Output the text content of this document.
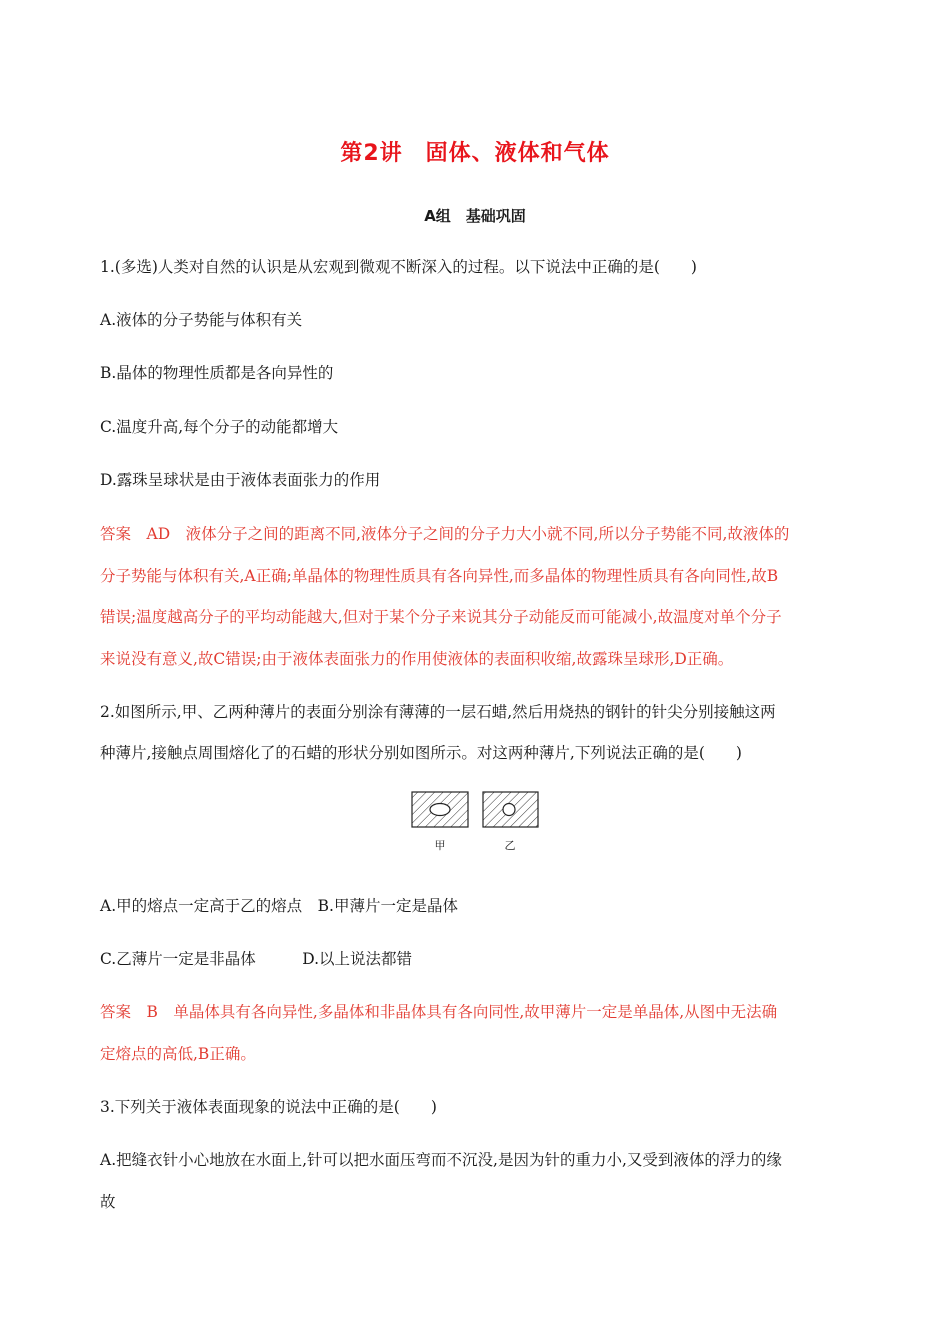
第2讲　固体、液体和气体
A组　基础巩固
1.(多选)人类对自然的认识是从宏观到微观不断深入的过程。以下说法中正确的是(　　)
A.液体的分子势能与体积有关
B.晶体的物理性质都是各向异性的
C.温度升高,每个分子的动能都增大
D.露珠呈球状是由于液体表面张力的作用
答案　AD　液体分子之间的距离不同,液体分子之间的分子力大小就不同,所以分子势能不同,故液体的
分子势能与体积有关,A正确;单晶体的物理性质具有各向异性,而多晶体的物理性质具有各向同性,故B
错误;温度越高分子的平均动能越大,但对于某个分子来说其分子动能反而可能减小,故温度对单个分子
来说没有意义,故C错误;由于液体表面张力的作用使液体的表面积收缩,故露珠呈球形,D正确。
2.如图所示,甲、乙两种薄片的表面分别涂有薄薄的一层石蜡,然后用烧热的钢针的针尖分别接触这两
种薄片,接触点周围熔化了的石蜡的形状分别如图所示。对这两种薄片,下列说法正确的是(　　)
甲	乙
A.甲的熔点一定高于乙的熔点　B.甲薄片一定是晶体
C.乙薄片一定是非晶体　　　D.以上说法都错
答案　B　单晶体具有各向异性,多晶体和非晶体具有各向同性,故甲薄片一定是单晶体,从图中无法确
定熔点的高低,B正确。
3.下列关于液体表面现象的说法中正确的是(　　)
A.把缝衣针小心地放在水面上,针可以把水面压弯而不沉没,是因为针的重力小,又受到液体的浮力的缘
故
